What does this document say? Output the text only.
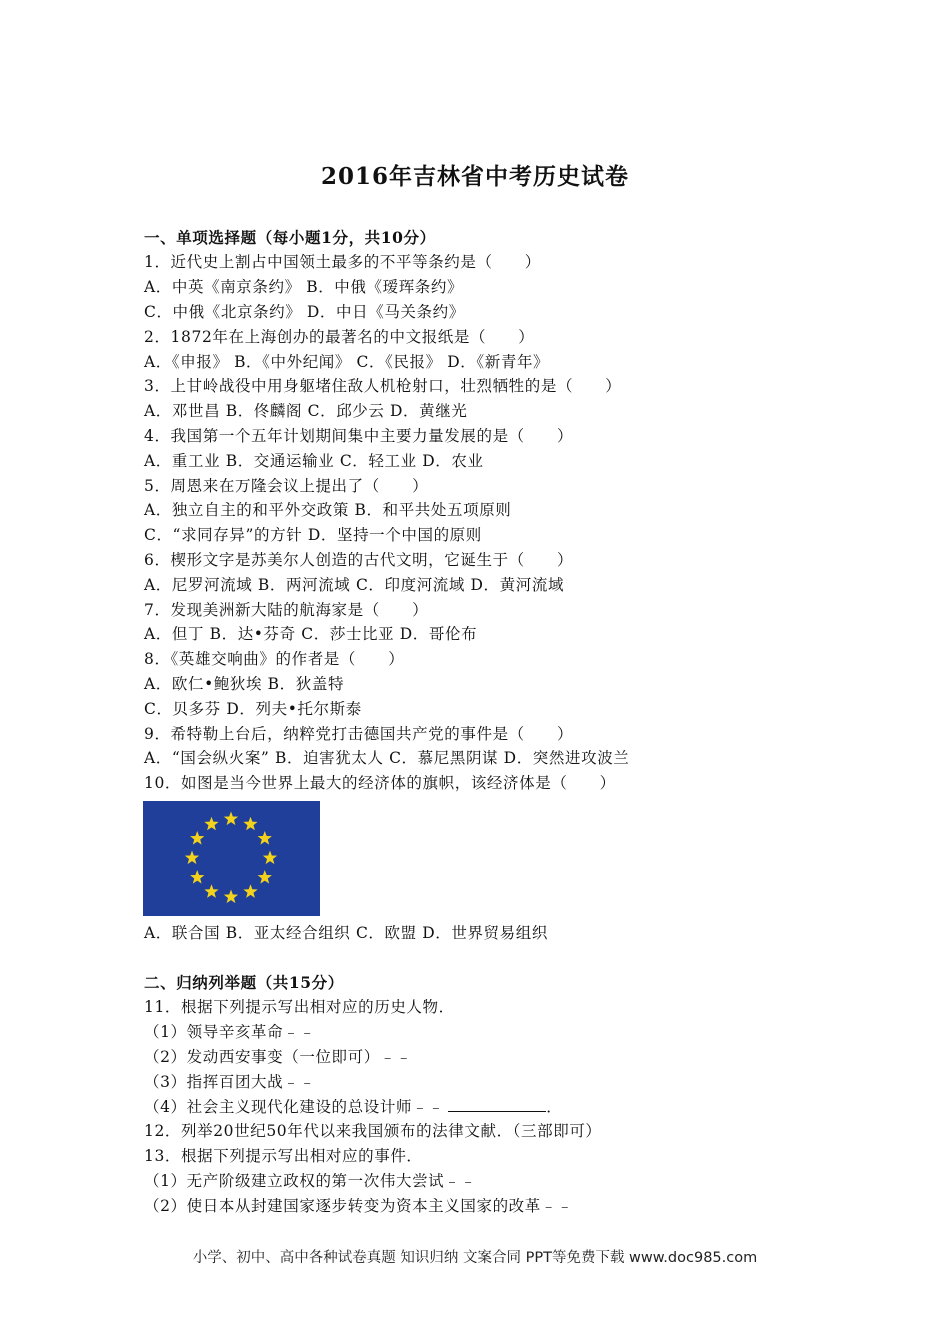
2016年吉林省中考历史试卷
一、单项选择题（每小题1分，共10分）
1．近代史上割占中国领土最多的不平等条约是（　　）
A．中英《南京条约》 B．中俄《瑷珲条约》
C．中俄《北京条约》 D．中日《马关条约》
2．1872年在上海创办的最著名的中文报纸是（　　）
A．《申报》 B．《中外纪闻》 C．《民报》 D．《新青年》
3．上甘岭战役中用身躯堵住敌人机枪射口，壮烈牺牲的是（　　）
A．邓世昌 B．佟麟阁 C．邱少云 D．黄继光
4．我国第一个五年计划期间集中主要力量发展的是（　　）
A．重工业 B．交通运输业 C．轻工业 D．农业
5．周恩来在万隆会议上提出了（　　）
A．独立自主的和平外交政策 B．和平共处五项原则
C．“求同存异”的方针 D．坚持一个中国的原则
6．楔形文字是苏美尔人创造的古代文明，它诞生于（　　）
A．尼罗河流域 B．两河流域 C．印度河流域 D．黄河流域
7．发现美洲新大陆的航海家是（　　）
A．但丁 B．达•芬奇 C．莎士比亚 D．哥伦布
8．《英雄交响曲》的作者是（　　）
A．欧仁•鲍狄埃 B．狄盖特
C．贝多芬 D．列夫•托尔斯泰
9．希特勒上台后，纳粹党打击德国共产党的事件是（　　）
A．“国会纵火案” B．迫害犹太人 C．慕尼黑阴谋 D．突然进攻波兰
10．如图是当今世界上最大的经济体的旗帜，该经济体是（　　）
A．联合国 B．亚太经合组织 C．欧盟 D．世界贸易组织
二、归纳列举题（共15分）
11．根据下列提示写出相对应的历史人物．
（1）领导辛亥革命﹣﹣
（2）发动西安事变（一位即可）﹣﹣
（3）指挥百团大战﹣﹣
（4）社会主义现代化建设的总设计师﹣﹣	．
12．列举20世纪50年代以来我国颁布的法律文献．（三部即可）
13．根据下列提示写出相对应的事件．
（1）无产阶级建立政权的第一次伟大尝试﹣﹣
（2）使日本从封建国家逐步转变为资本主义国家的改革﹣﹣
小学、初中、高中各种试卷真题 知识归纳 文案合同 PPT等免费下载 www.doc985.com
